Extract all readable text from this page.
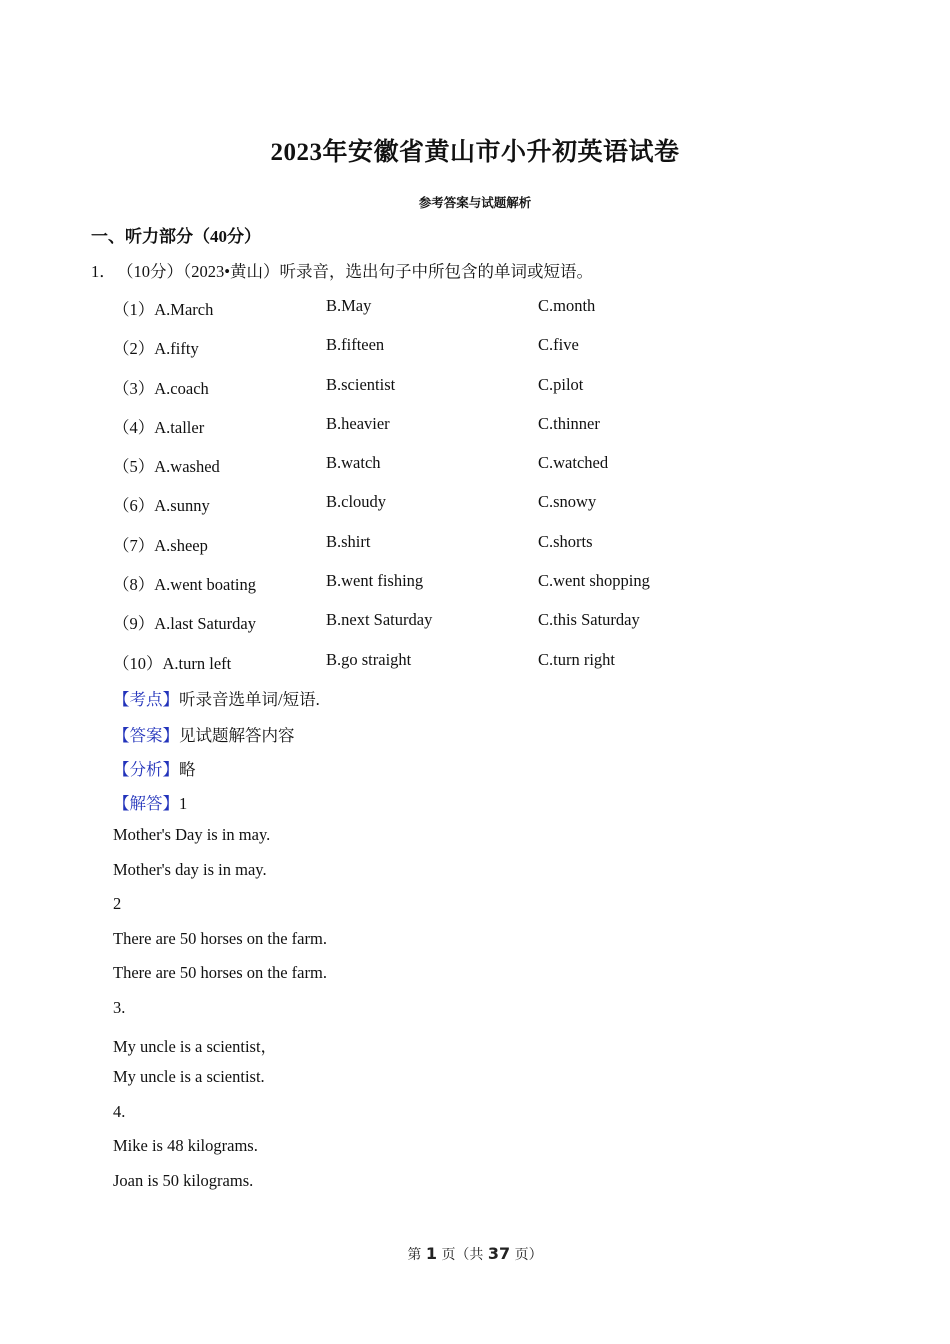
2023年安徽省黄山市小升初英语试卷
参考答案与试题解析
一、听力部分（40分）
1．（10分）（2023•黄山）听录音，选出句子中所包含的单词或短语。
（1）A.March	B.May	C.month
（2）A.fifty	B.fifteen	C.five
（3）A.coach	B.scientist	C.pilot
（4）A.taller	B.heavier	C.thinner
（5）A.washed	B.watch	C.watched
（6）A.sunny	B.cloudy	C.snowy
（7）A.sheep	B.shirt	C.shorts
（8）A.went boating	B.went fishing	C.went shopping
（9）A.last Saturday	B.next Saturday	C.this Saturday
（10）A.turn left	B.go straight	C.turn right
【考点】听录音选单词/短语.
【答案】见试题解答内容
【分析】略
【解答】1
Mother's Day is in may.
Mother's day is in may.
2
There are 50 horses on the farm.
There are 50 horses on the farm.
3.
My uncle is a scientist，
My uncle is a scientist.
4.
Mike is 48 kilograms.
Joan is 50 kilograms.
第 1 页（共 37 页）
